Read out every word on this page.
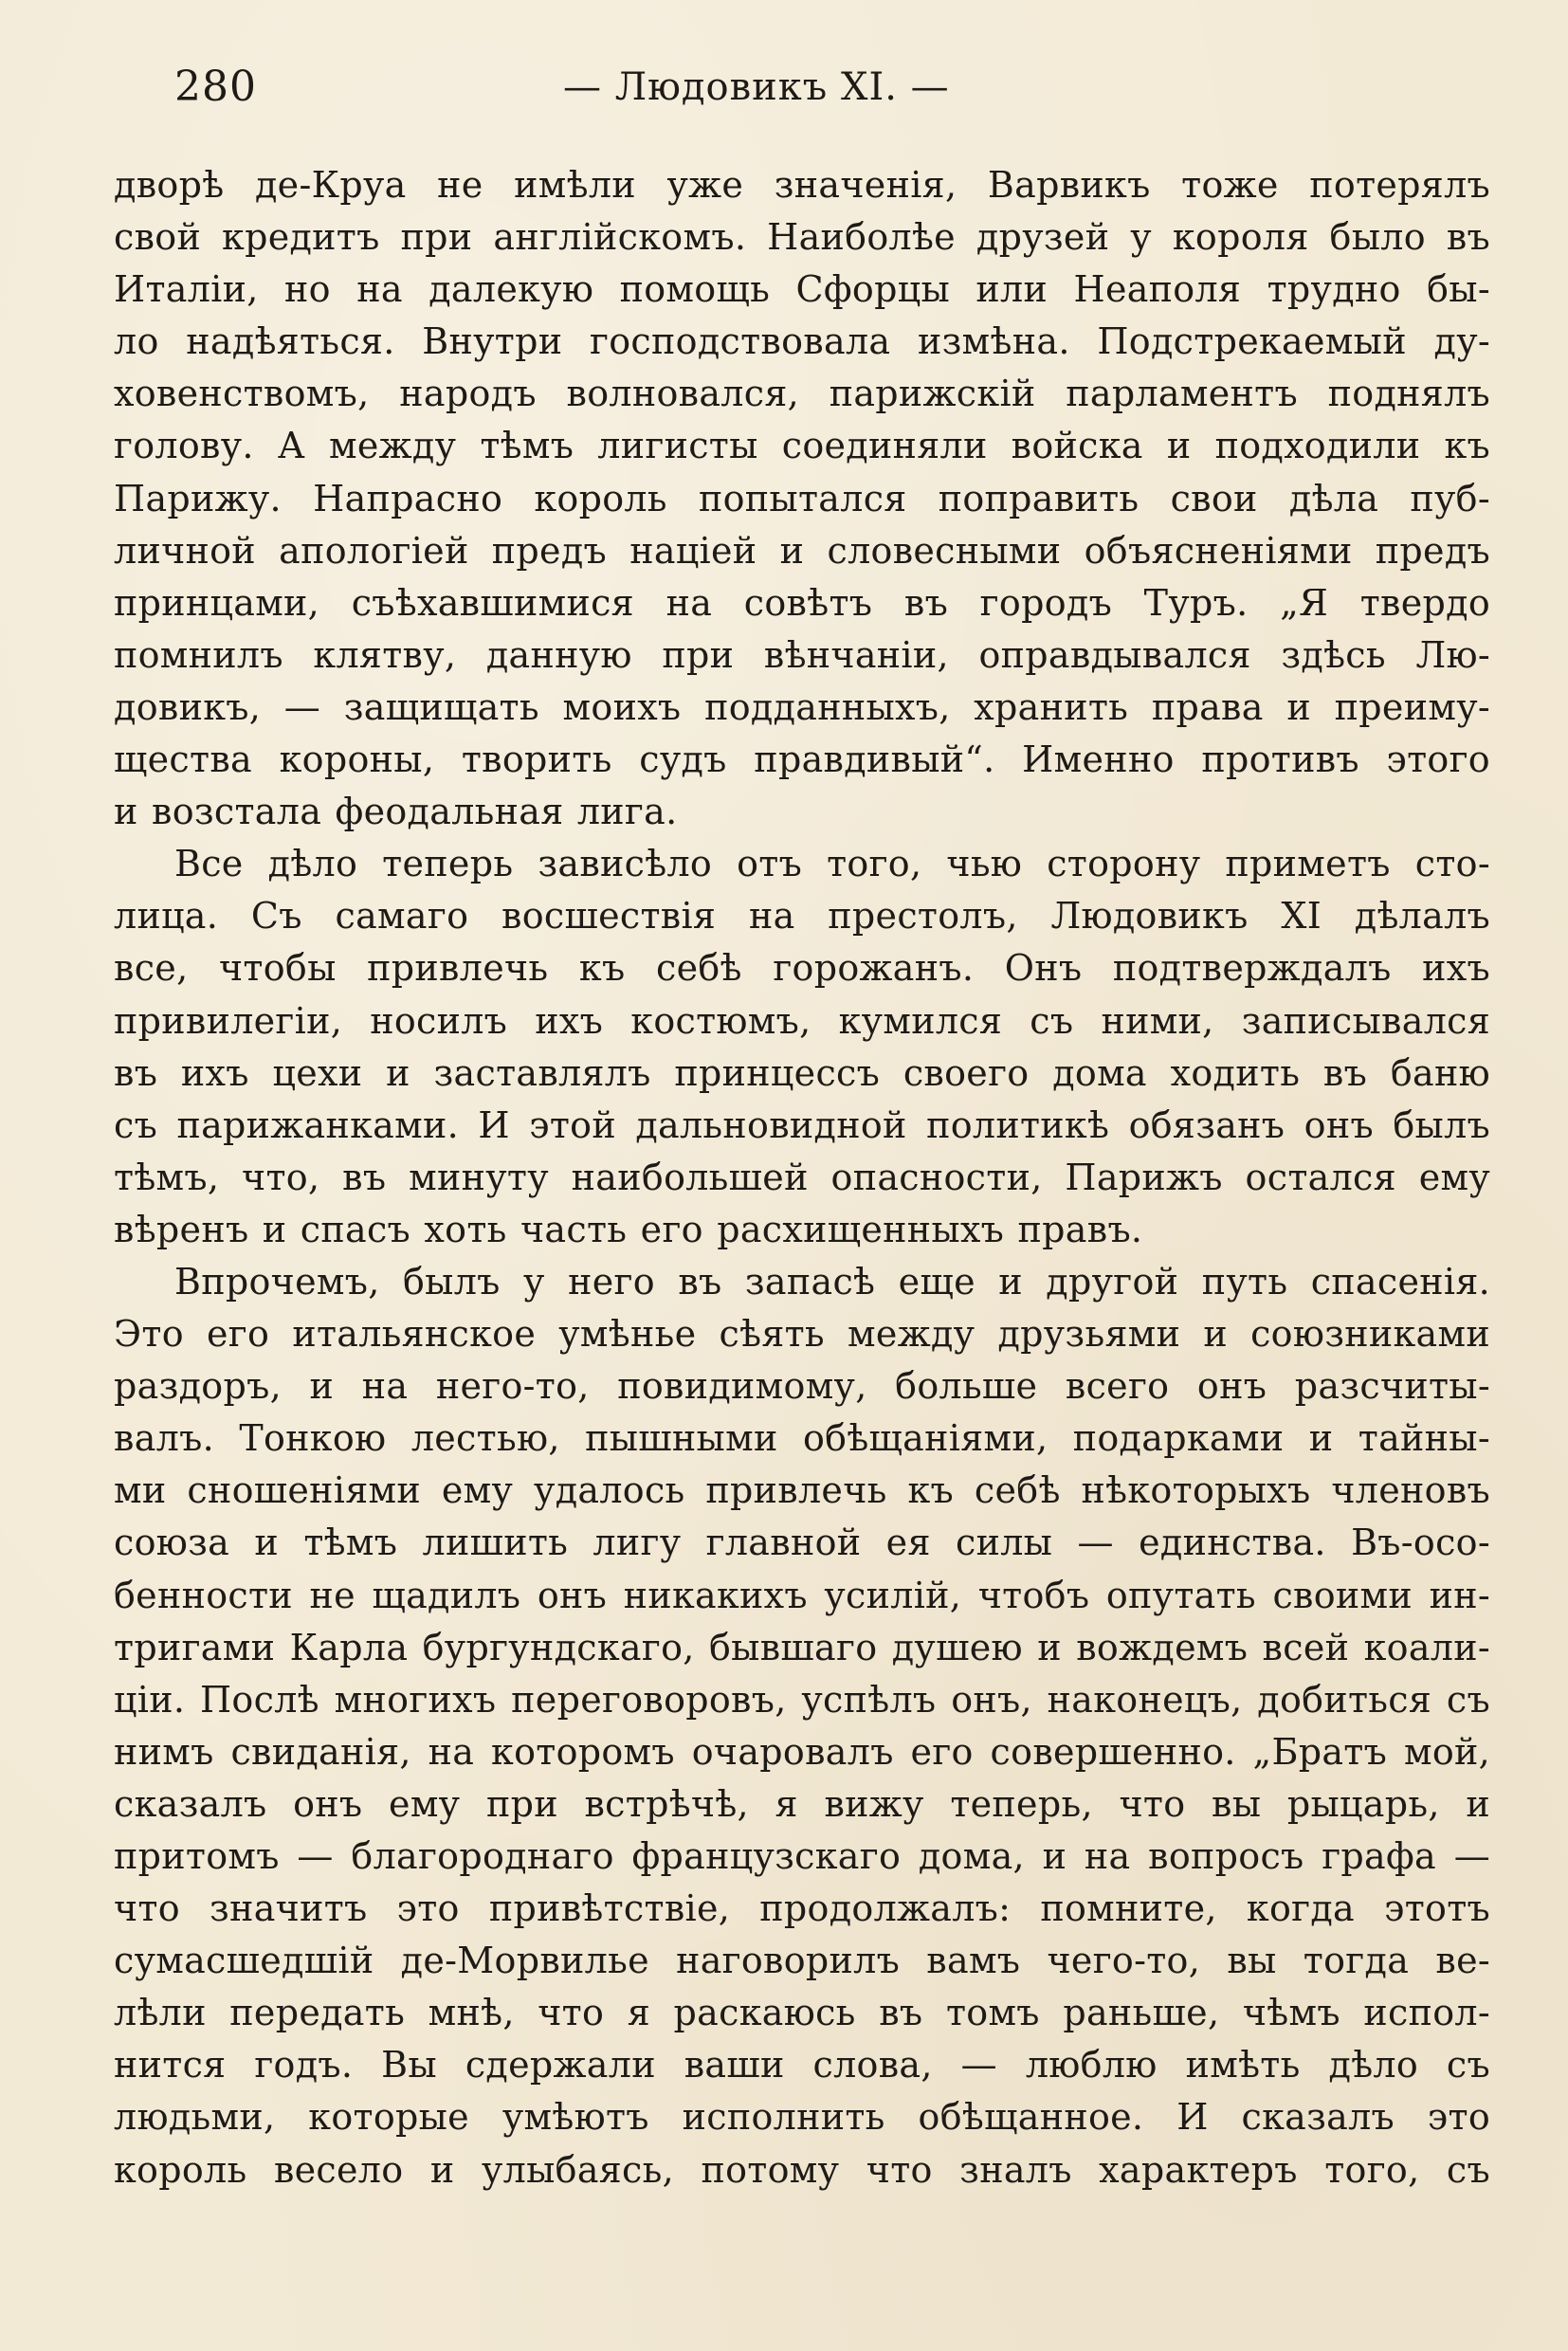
280	— Людовикъ XI. —
дворѣ де-Круа не имѣли уже значенія, Варвикъ тоже потерялъ
свой кредитъ при англійскомъ. Наиболѣе друзей у короля было въ
Италіи, но на далекую помощь Сфорцы или Неаполя трудно бы-
ло надѣяться. Внутри господствовала измѣна. Подстрекаемый ду-
ховенствомъ, народъ волновался, парижскій парламентъ поднялъ
голову. А между тѣмъ лигисты соединяли войска и подходили къ
Парижу. Напрасно король попытался поправить свои дѣла пуб-
личной апологіей предъ націей и словесными объясненіями предъ
принцами, съѣхавшимися на совѣтъ въ городъ Туръ. „Я твердо
помнилъ клятву, данную при вѣнчаніи, оправдывался здѣсь Лю-
довикъ, — защищать моихъ подданныхъ, хранить права и преиму-
щества короны, творить судъ правдивый“. Именно противъ этого
и возстала феодальная лига.
Все дѣло теперь зависѣло отъ того, чью сторону приметъ сто-
лица. Съ самаго восшествія на престолъ, Людовикъ XI дѣлалъ
все, чтобы привлечь къ себѣ горожанъ. Онъ подтверждалъ ихъ
привилегіи, носилъ ихъ костюмъ, кумился съ ними, записывался
въ ихъ цехи и заставлялъ принцессъ своего дома ходить въ баню
съ парижанками. И этой дальновидной политикѣ обязанъ онъ былъ
тѣмъ, что, въ минуту наибольшей опасности, Парижъ остался ему
вѣренъ и спасъ хоть часть его расхищенныхъ правъ.
Впрочемъ, былъ у него въ запасѣ еще и другой путь спасенія.
Это его итальянское умѣнье сѣять между друзьями и союзниками
раздоръ, и на него-то, повидимому, больше всего онъ разсчиты-
валъ. Тонкою лестью, пышными обѣщаніями, подарками и тайны-
ми сношеніями ему удалось привлечь къ себѣ нѣкоторыхъ членовъ
союза и тѣмъ лишить лигу главной ея силы — единства. Въ-осо-
бенности не щадилъ онъ никакихъ усилій, чтобъ опутать своими ин-
тригами Карла бургундскаго, бывшаго душею и вождемъ всей коали-
ціи. Послѣ многихъ переговоровъ, успѣлъ онъ, наконецъ, добиться съ
нимъ свиданія, на которомъ очаровалъ его совершенно. „Братъ мой,
сказалъ онъ ему при встрѣчѣ, я вижу теперь, что вы рыцарь, и
притомъ — благороднаго французскаго дома, и на вопросъ графа —
что значитъ это привѣтствіе, продолжалъ: помните, когда этотъ
сумасшедшій де-Морвилье наговорилъ вамъ чего-то, вы тогда ве-
лѣли передать мнѣ, что я раскаюсь въ томъ раньше, чѣмъ испол-
нится годъ. Вы сдержали ваши слова, — люблю имѣть дѣло съ
людьми, которые умѣютъ исполнить обѣщанное. И сказалъ это
король весело и улыбаясь, потому что зналъ характеръ того, съ
